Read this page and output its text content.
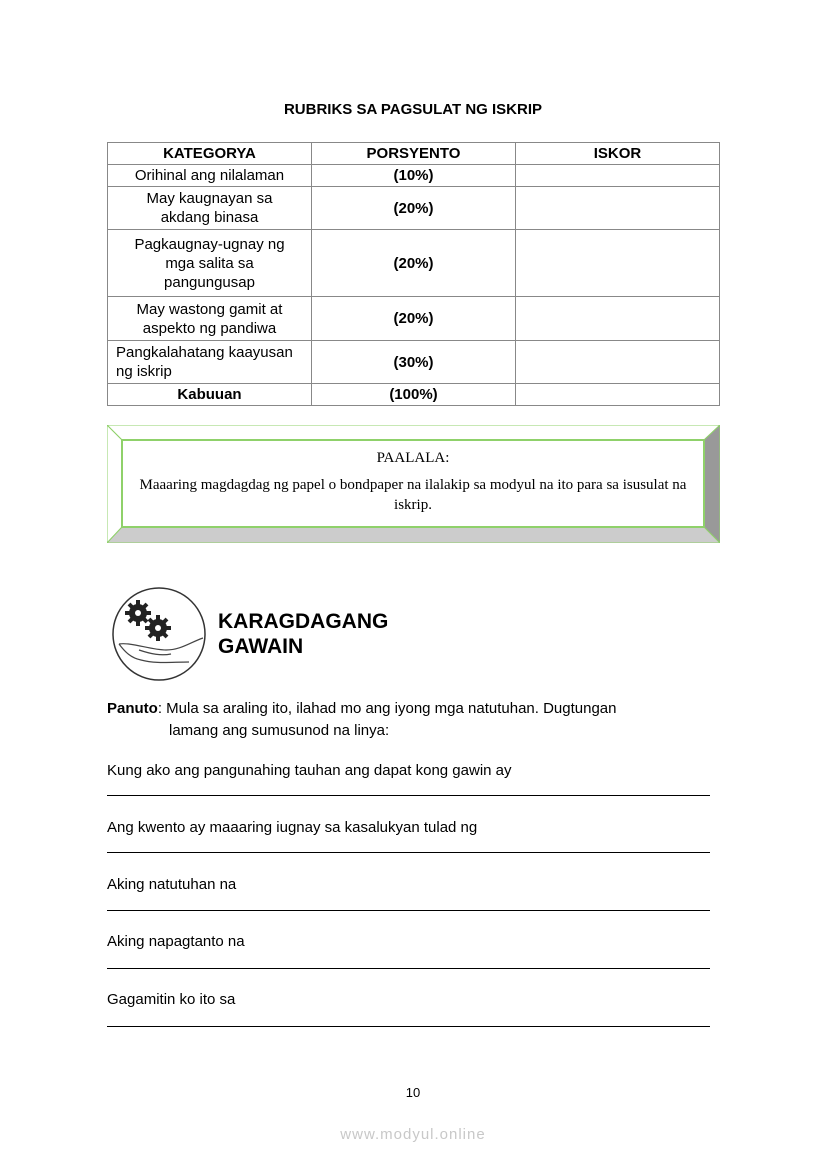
RUBRIKS SA PAGSULAT NG ISKRIP
KATEGORYA	PORSYENTO	ISKOR
Orihinal ang nilalaman	(10%)	
May kaugnayan sa akdang binasa	(20%)	
Pagkaugnay-ugnay ng mga salita sa pangungusap	(20%)	
May wastong gamit at aspekto ng pandiwa	(20%)	
Pangkalahatang kaayusan ng iskrip	(30%)	
Kabuuan	(100%)	
PAALALA:
Maaaring magdagdag ng papel o bondpaper na ilalakip sa modyul na ito para sa isusulat na iskrip.
KARAGDAGANG
GAWAIN
Panuto: Mula sa araling ito, ilahad mo ang iyong mga natutuhan. Dugtungan
lamang ang sumusunod na linya:
Kung ako ang pangunahing tauhan ang dapat kong gawin ay
Ang kwento ay maaaring iugnay sa kasalukyan tulad ng
Aking natutuhan na
Aking napagtanto na
Gagamitin ko ito sa
10
www.modyul.online
